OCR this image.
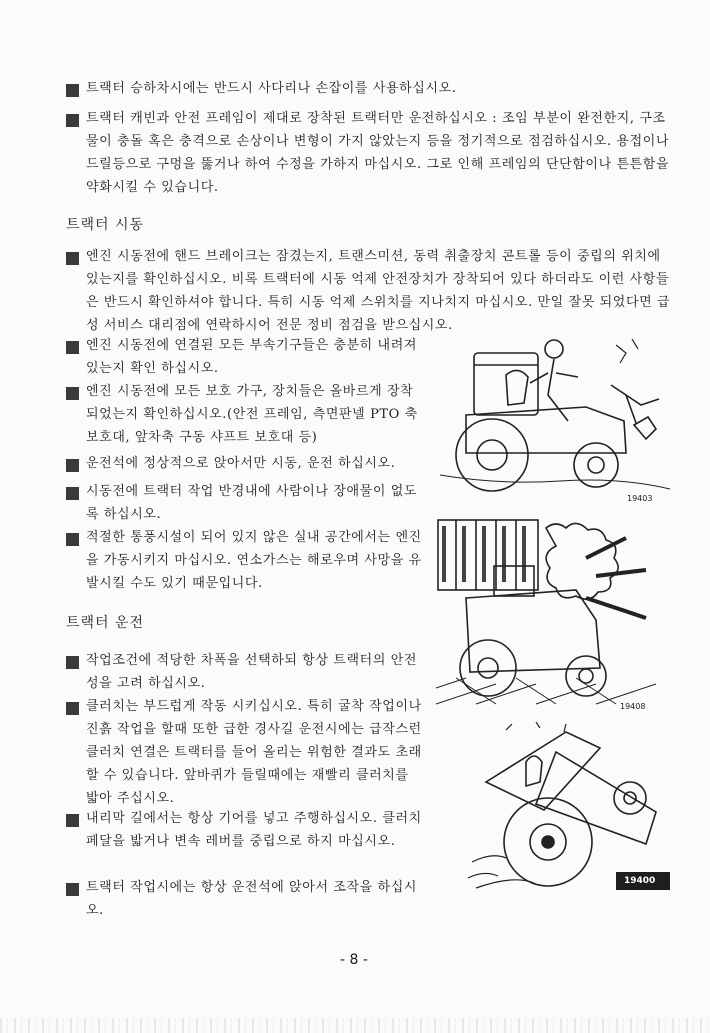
트랙터 승하차시에는 반드시 사다리나 손잡이를 사용하십시오.
트랙터 캐빈과 안전 프레임이 제대로 장착된 트랙터만 운전하십시오 : 조임 부분이 완전한지, 구조물이 충돌 혹은 충격으로 손상이나 변형이 가지 않았는지 등을 정기적으로 점검하십시오. 용접이나 드릴등으로 구멍을 뚫거나 하여 수정을 가하지 마십시오. 그로 인해 프레임의 단단함이나 튼튼함을 약화시킬 수 있습니다.
트랙터 시동
엔진 시동전에 핸드 브레이크는 잠겼는지, 트랜스미션, 동력 취출장치 콘트롤 등이 중립의 위치에 있는지를 확인하십시오. 비록 트랙터에 시동 억제 안전장치가 장착되어 있다 하더라도 이런 사항들은 반드시 확인하셔야 합니다. 특히 시동 억제 스위치를 지나치지 마십시오. 만일 잘못 되었다면 급성 서비스 대리점에 연락하시어 전문 정비 점검을 받으십시오.
엔진 시동전에 연결된 모든 부속기구들은 충분히 내려져 있는지 확인 하십시오.
엔진 시동전에 모든 보호 가구, 장치들은 올바르게 장착 되었는지 확인하십시오.(안전 프레임, 측면판넬 PTO 축 보호대, 앞차축 구동 샤프트 보호대 등)
운전석에 정상적으로 앉아서만 시동, 운전 하십시오.
시동전에 트랙터 작업 반경내에 사람이나 장애물이 없도록 하십시오.
적절한 통풍시설이 되어 있지 않은 실내 공간에서는 엔진을 가동시키지 마십시오. 연소가스는 해로우며 사망을 유발시킬 수도 있기 때문입니다.
트랙터 운전
작업조건에 적당한 차폭을 선택하되 항상 트랙터의 안전성을 고려 하십시오.
클러치는 부드럽게 작동 시키십시오. 특히 굴착 작업이나 진흙 작업을 할때 또한 급한 경사길 운전시에는 급작스런 클러치 연결은 트랙터를 들어 올리는 위험한 결과도 초래할 수 있습니다. 앞바퀴가 들릴때에는 재빨리 클러치를 밟아 주십시오.
내리막 길에서는 항상 기어를 넣고 주행하십시오. 클러치 페달을 밟거나 변속 레버를 중립으로 하지 마십시오.
트랙터 작업시에는 항상 운전석에 앉아서 조작을 하십시오.
19403
19408
19400
- 8 -
